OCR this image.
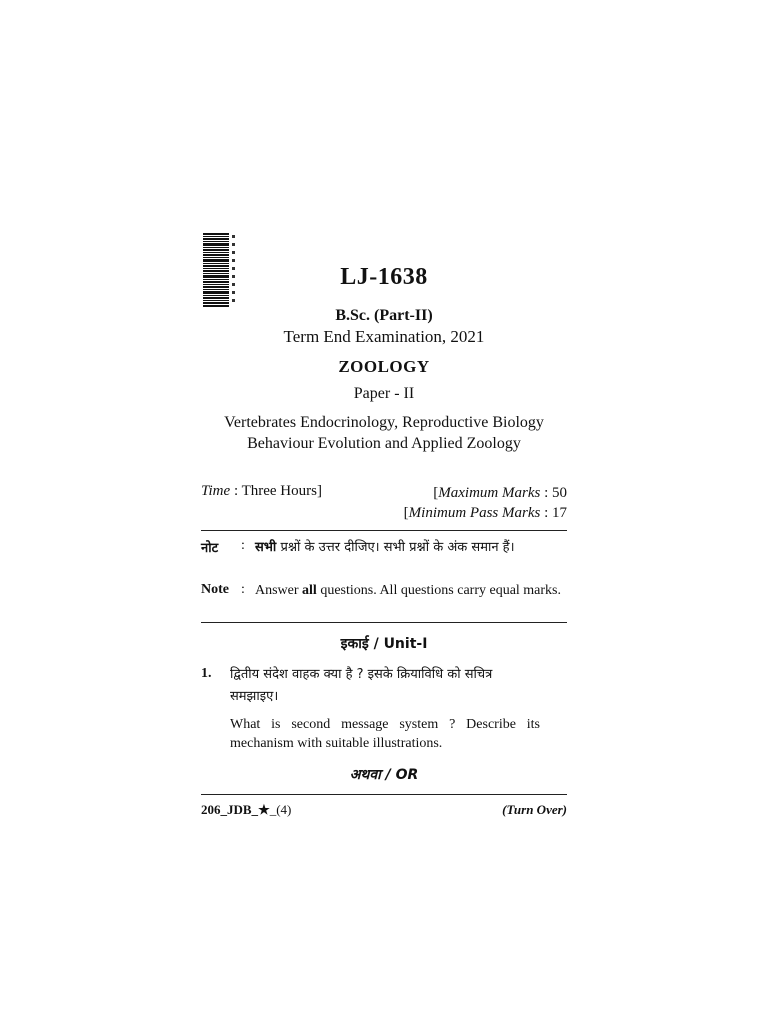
LJ-1638
B.Sc. (Part-II)
Term End Examination, 2021
ZOOLOGY
Paper - II
Vertebrates Endocrinology, Reproductive Biology
Behaviour Evolution and Applied Zoology
Time : Three Hours]	[Maximum Marks : 50
[Minimum Pass Marks : 17
नोट	: सभी प्रश्नों के उत्तर दीजिए। सभी प्रश्नों के अंक समान हैं।
Note : Answer all questions. All questions carry equal marks.
इकाई / Unit-I
1.	द्वितीय संदेश वाहक क्या है ? इसके क्रियाविधि को सचित्र समझाइए।
What is second message system ? Describe its mechanism with suitable illustrations.
अथवा / OR
206_JDB_★_(4)	(Turn Over)
